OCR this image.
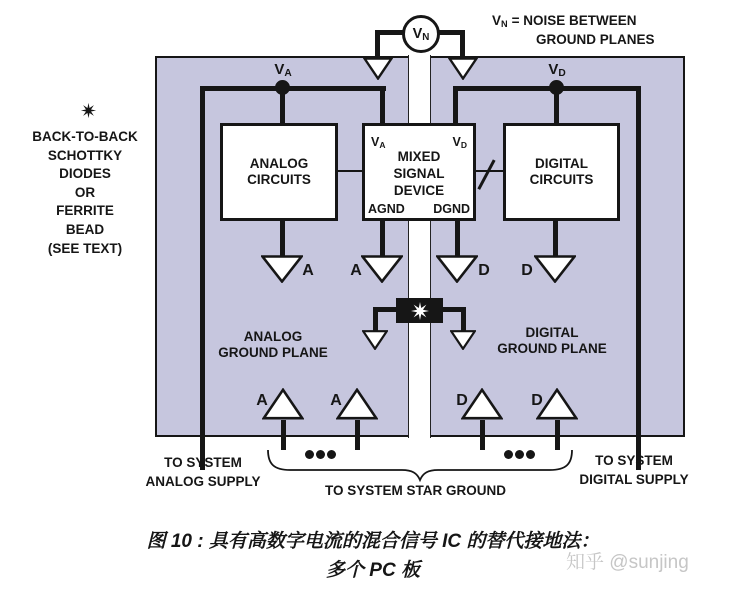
知乎 @sunjing
$V_N$
$V_N$ = NOISE BETWEEN
GROUND PLANES
$V_A$	$V_D$
ANALOG
CIRCUITS
$V_A$	$V_D$
MIXED
SIGNAL
DEVICE
AGND DGND
DIGITAL
CIRCUITS
A	A	D	D
ANALOG
GROUND PLANE
DIGITAL
GROUND PLANE
A	A	D	D
TO SYSTEM
ANALOG SUPPLY
TO SYSTEM STAR GROUND
TO SYSTEM
DIGITAL SUPPLY
BACK-TO-BACK
SCHOTTKY
DIODES
OR
FERRITE
BEAD
(SEE TEXT)
图 10 : 具有高数字电流的混合信号 IC 的替代接地法：
多个 PC 板
